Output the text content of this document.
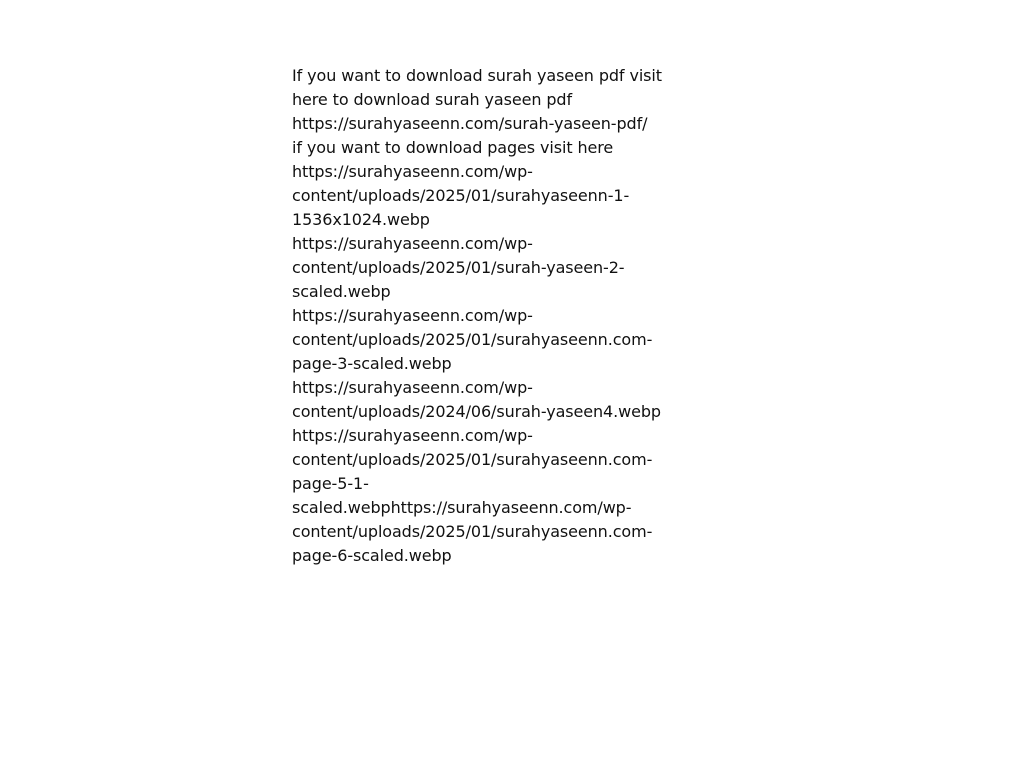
If you want to download surah yaseen pdf visit
here to download surah yaseen pdf
https://surahyaseenn.com/surah-yaseen-pdf/
if you want to download pages visit here
https://surahyaseenn.com/wp-
content/uploads/2025/01/surahyaseenn-1-
1536x1024.webp
https://surahyaseenn.com/wp-
content/uploads/2025/01/surah-yaseen-2-
scaled.webp
https://surahyaseenn.com/wp-
content/uploads/2025/01/surahyaseenn.com-
page-3-scaled.webp
https://surahyaseenn.com/wp-
content/uploads/2024/06/surah-yaseen4.webp
https://surahyaseenn.com/wp-
content/uploads/2025/01/surahyaseenn.com-
page-5-1-
scaled.webphttps://surahyaseenn.com/wp-
content/uploads/2025/01/surahyaseenn.com-
page-6-scaled.webp
